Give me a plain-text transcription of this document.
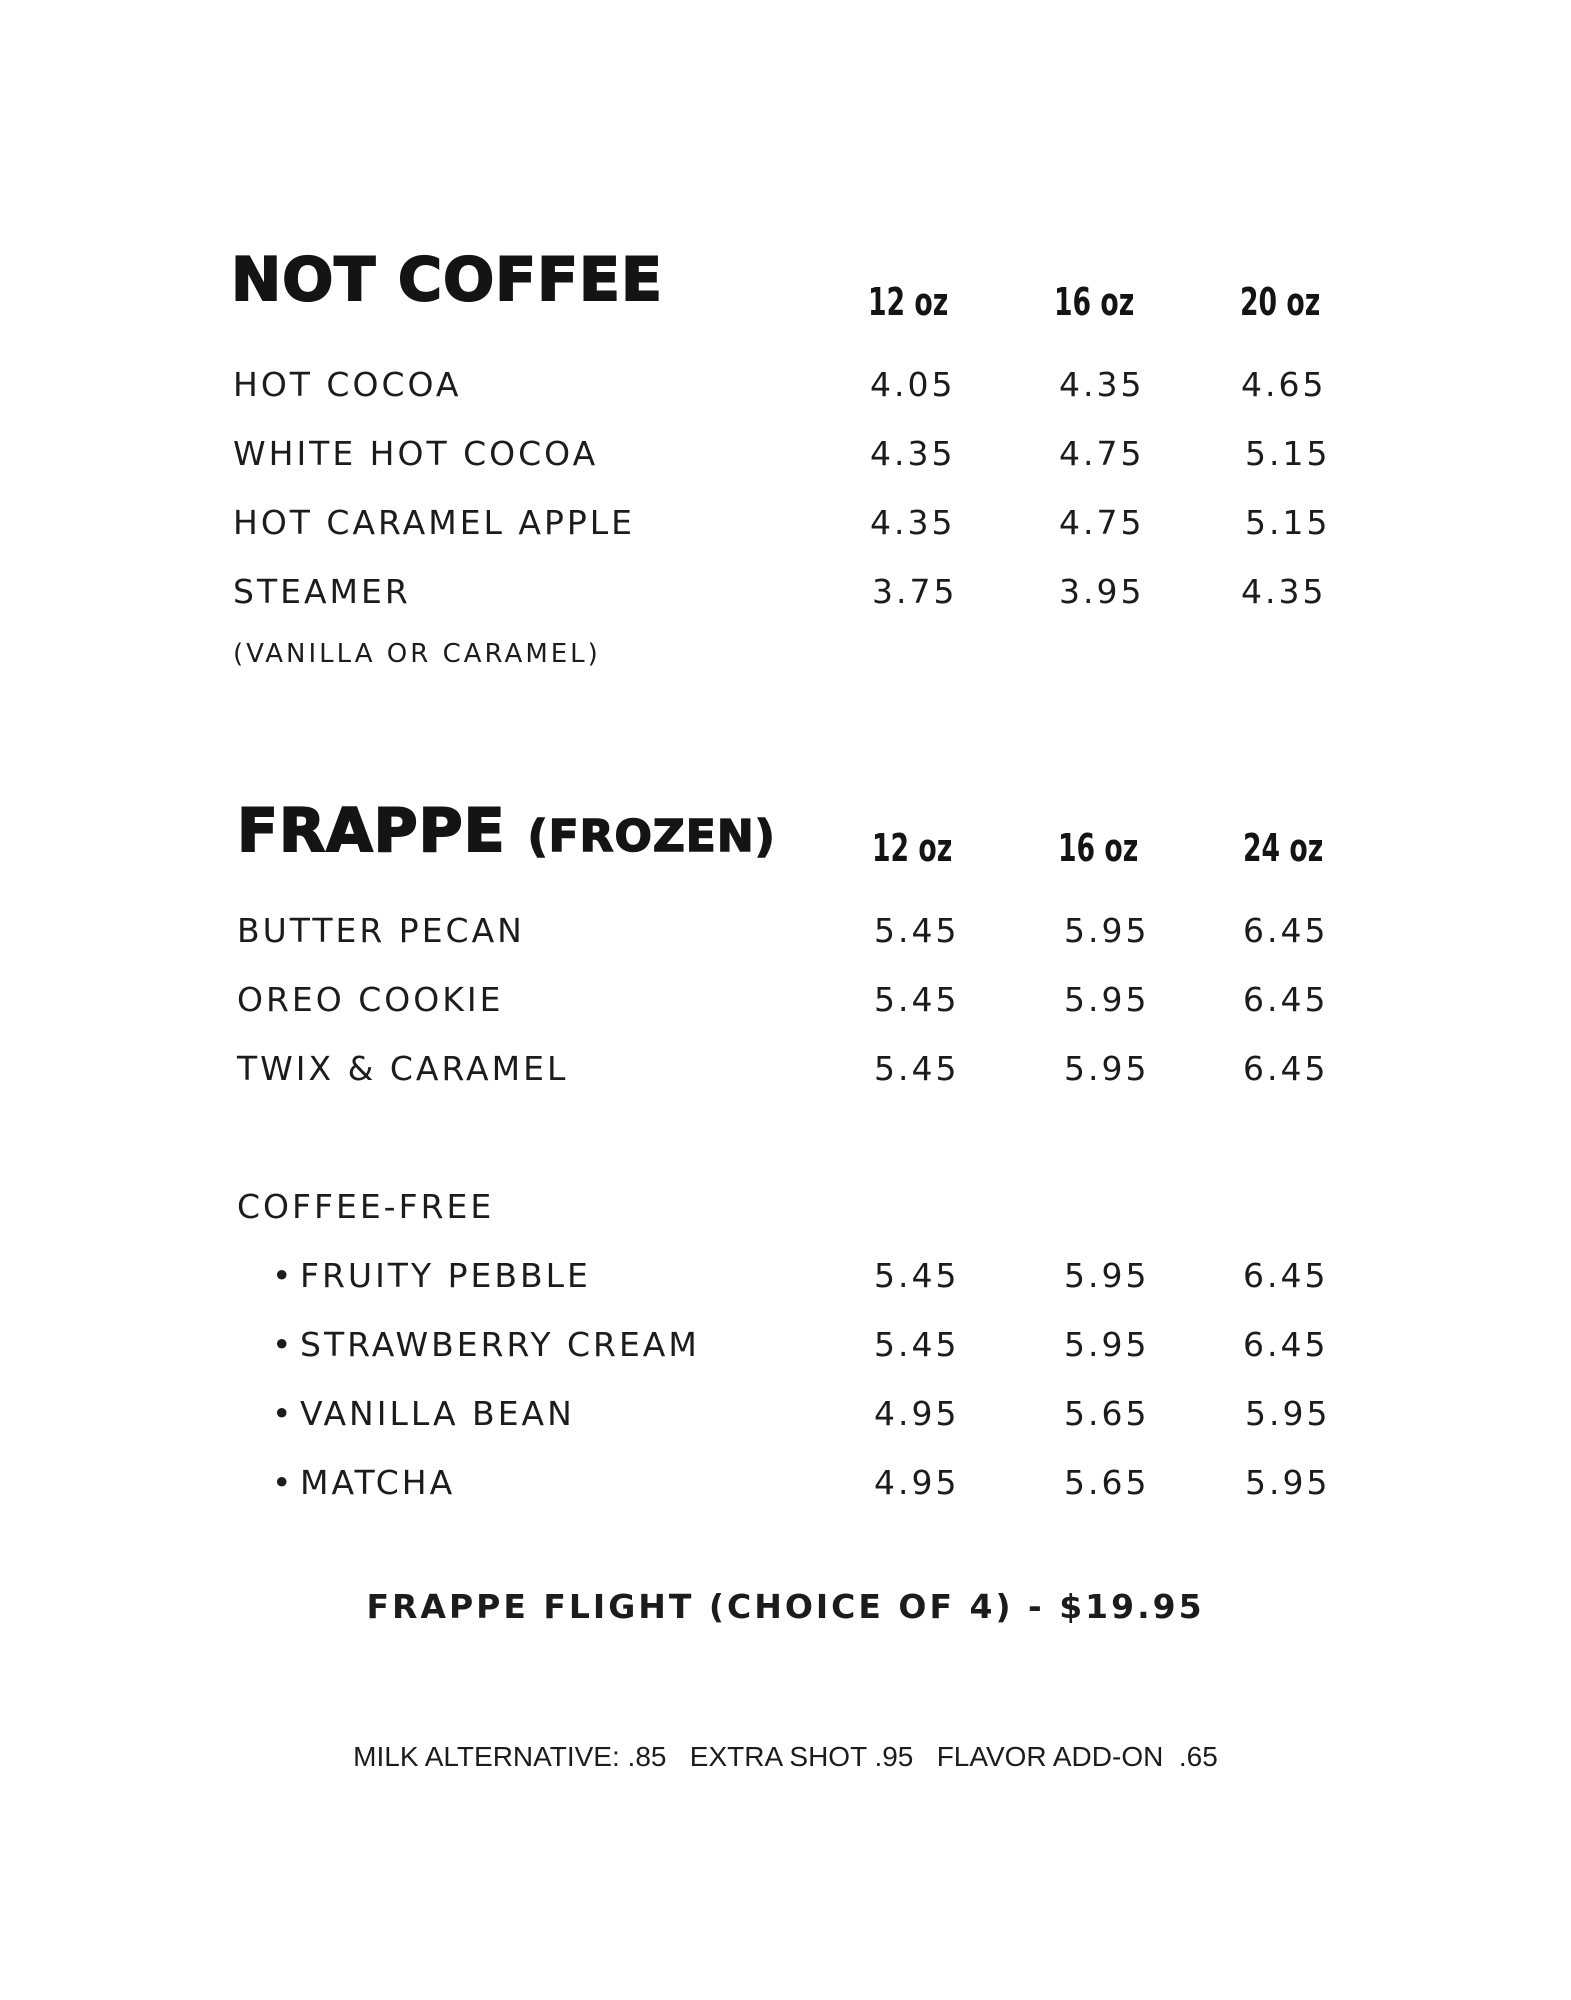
NOT COFFEE	12 oz	16 oz	20 oz
HOT COCOA	4.05	4.35	4.65
WHITE HOT COCOA	4.35	4.75	5.15
HOT CARAMEL APPLE	4.35	4.75	5.15
STEAMER	3.75	3.95	4.35
(VANILLA OR CARAMEL)
FRAPPE (FROZEN)	12 oz	16 oz	24 oz
BUTTER PECAN	5.45	5.95	6.45
OREO COOKIE	5.45	5.95	6.45
TWIX & CARAMEL	5.45	5.95	6.45
COFFEE-FREE
• FRUITY PEBBLE	5.45	5.95	6.45
• STRAWBERRY CREAM	5.45	5.95	6.45
• VANILLA BEAN	4.95	5.65	5.95
• MATCHA	4.95	5.65	5.95
FRAPPE FLIGHT (CHOICE OF 4) - $19.95
MILK ALTERNATIVE: .85   EXTRA SHOT .95   FLAVOR ADD-ON  .65
